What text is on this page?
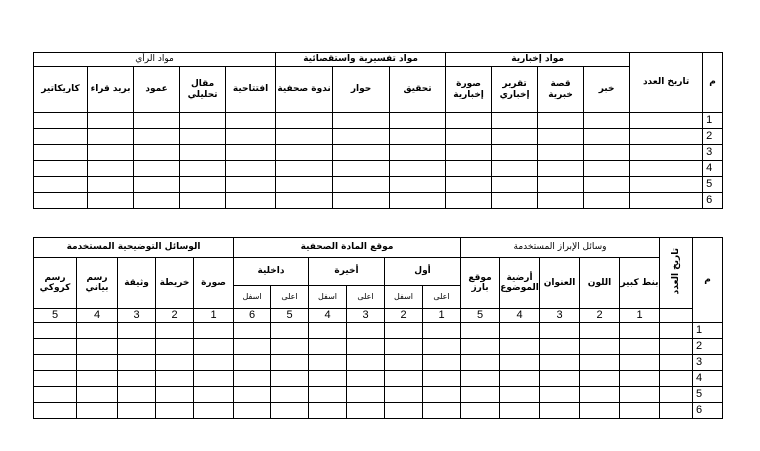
م	تاريخ العدد	مواد إخبارية				مواد تفسيرية واستقصائية			مواد الرأي				
		خبر	قصة خبرية	تقرير إخباري	صورة إخبارية	تحقيق	حوار	ندوة صحفية	افتتاحية	مقال تحليلي	عمود	بريد قراء	كاريكاتير
1													
2													
3													
4													
5													
6													
م	تاريخ العدد	وسائل الإبراز المستخدمة					موقع المادة الصحفية						الوسائل التوضيحية المستخدمة				
		بنط كبير	اللون	العنوان	أرضية الموضوع	موقع بارز	أول		أخيرة		داخلية		صورة	خريطة	وثيقة	رسم بياني	رسم كروكي
							اعلى	اسفل	اعلى	اسفل	اعلى	اسفل					
		1	2	3	4	5	1	2	3	4	5	6	1	2	3	4	5
1																	
2																	
3																	
4																	
5																	
6																	
